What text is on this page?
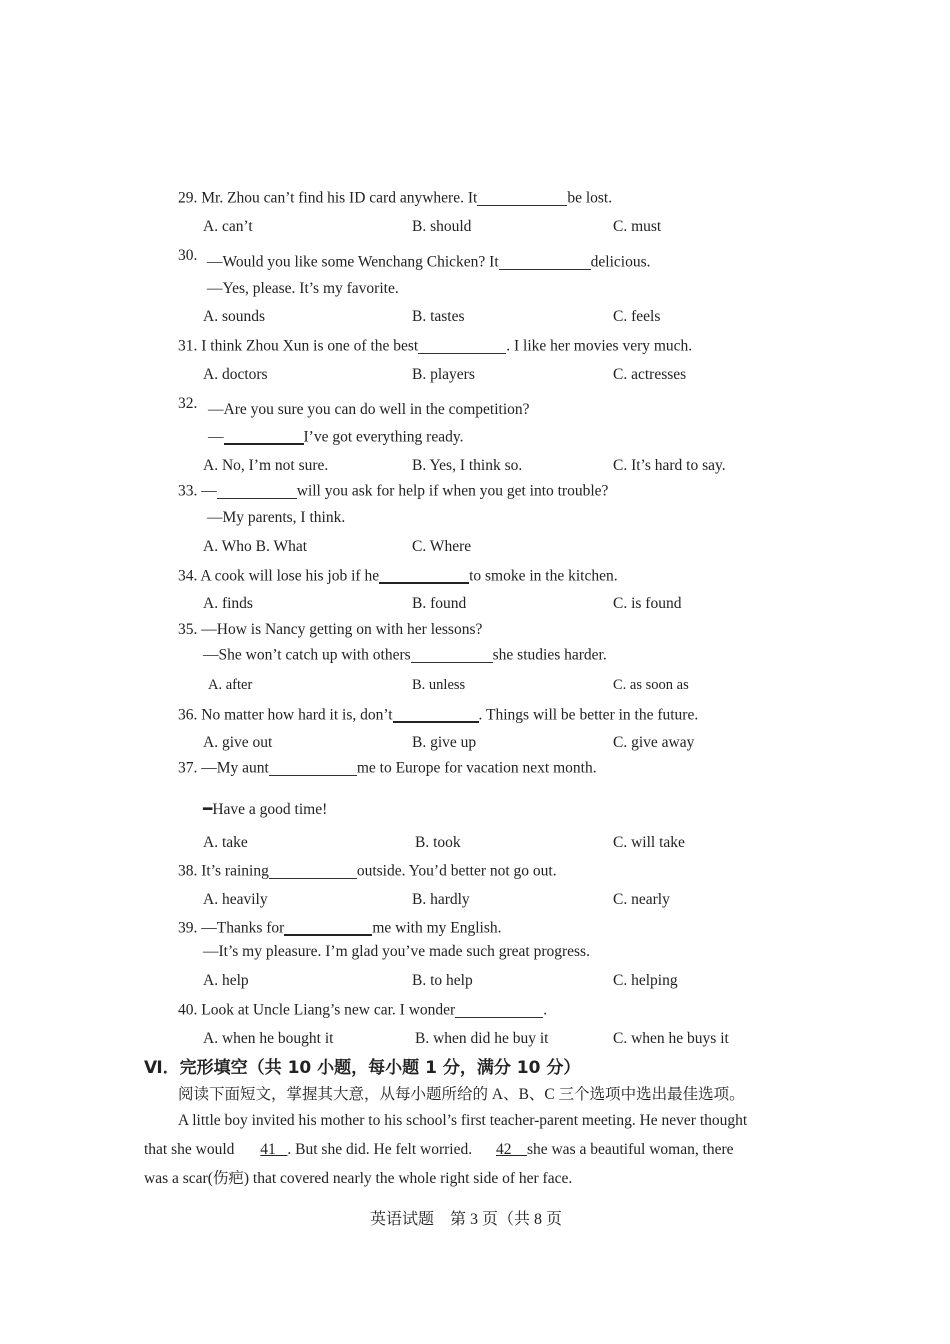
29. Mr. Zhou can’t find his ID card anywhere. It	be lost.
A. can’t	B. should	C. must
30. —Would you like some Wenchang Chicken? It	delicious.
—Yes, please. It’s my favorite.
A. sounds	B. tastes	C. feels
31. I think Zhou Xun is one of the best	. I like her movies very much.
A. doctors	B. players	C. actresses
32. —Are you sure you can do well in the competition?
—	I’ve got everything ready.
A. No, I’m not sure.	B. Yes, I think so.	C. It’s hard to say.
33. —	will you ask for help if when you get into trouble?
—My parents, I think.
A. Who B. What	C. Where
34. A cook will lose his job if he	to smoke in the kitchen.
A. finds	B. found	C. is found
35. —How is Nancy getting on with her lessons?
—She won’t catch up with others	she studies harder.
A. after	B. unless	C. as soon as
36. No matter how hard it is, don’t	. Things will be better in the future.
A. give out	B. give up	C. give away
37. —My aunt	me to Europe for vacation next month.
━Have a good time!
A. take	B. took	C. will take
38. It’s raining	outside. You’d better not go out.
A. heavily	B. hardly	C. nearly
39. —Thanks for	me with my English.
—It’s my pleasure. I’m glad you’ve made such great progress.
A. help	B. to help	C. helping
40. Look at Uncle Liang’s new car. I wonder	.
A. when he bought it	B. when did he buy it	C. when he buys it
Ⅵ．完形填空（共 10 小题，每小题 1 分，满分 10 分）
阅读下面短文，掌握其大意，从每小题所给的 A、B、C 三个选项中选出最佳选项。
A little boy invited his mother to his school’s first teacher-parent meeting. He never thought
that she would 41 . But she did. He felt worried. 42 she was a beautiful woman, there
was a scar(伤疤) that covered nearly the whole right side of her face.
英语试题　第 3 页（共 8 页
